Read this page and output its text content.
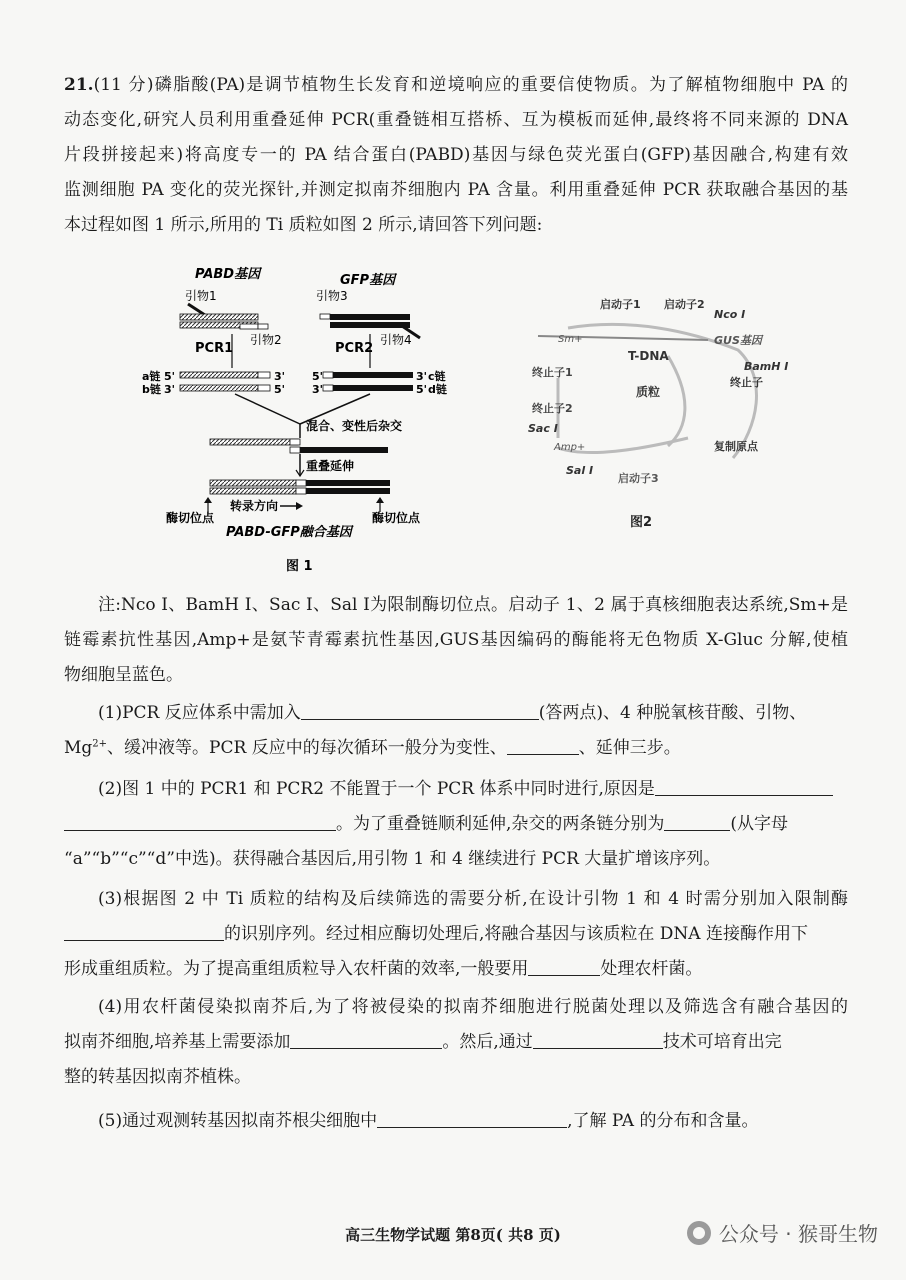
21.(11 分)磷脂酸(PA)是调节植物生长发育和逆境响应的重要信使物质。为了解植物细胞中 PA 的
动态变化,研究人员利用重叠延伸 PCR(重叠链相互搭桥、互为模板而延伸,最终将不同来源的 DNA
片段拼接起来)将高度专一的 PA 结合蛋白(PABD)基因与绿色荧光蛋白(GFP)基因融合,构建有效
监测细胞 PA 变化的荧光探针,并测定拟南芥细胞内 PA 含量。利用重叠延伸 PCR 获取融合基因的基
本过程如图 1 所示,所用的 Ti 质粒如图 2 所示,请回答下列问题:
PABD基因	GFP基因
引物1	引物3
引物2	引物4
PCR1	PCR2
a链 5'	3'
b链 3'	5'
5'	3' c链
3'	5' d链
混合、变性后杂交
重叠延伸
转录方向
酶切位点	酶切位点
PABD-GFP融合基因
图 1
启动子1 启动子2
Nco I
Sm+	GUS基因
T-DNA
BamH I
终止子
终止子1
质粒
终止子2
Sac I
Amp+	复制原点
Sal I
启动子3
图2
注:Nco Ⅰ、BamH Ⅰ、Sac Ⅰ、Sal Ⅰ为限制酶切位点。启动子 1、2 属于真核细胞表达系统,Sm+是
链霉素抗性基因,Amp+是氨苄青霉素抗性基因,GUS基因编码的酶能将无色物质 X-Gluc 分解,使植
物细胞呈蓝色。
(1)PCR 反应体系中需加入	(答两点)、4 种脱氧核苷酸、引物、
$Mg^{2+}$、缓冲液等。PCR 反应中的每次循环一般分为变性、	、延伸三步。
(2)图 1 中的 PCR1 和 PCR2 不能置于一个 PCR 体系中同时进行,原因是
。为了重叠链顺利延伸,杂交的两条链分别为	(从字母
“a”“b”“c”“d”中选)。获得融合基因后,用引物 1 和 4 继续进行 PCR 大量扩增该序列。
(3)根据图 2 中 Ti 质粒的结构及后续筛选的需要分析,在设计引物 1 和 4 时需分别加入限制酶
的识别序列。经过相应酶切处理后,将融合基因与该质粒在 DNA 连接酶作用下
形成重组质粒。为了提高重组质粒导入农杆菌的效率,一般要用	处理农杆菌。
(4)用农杆菌侵染拟南芥后,为了将被侵染的拟南芥细胞进行脱菌处理以及筛选含有融合基因的
拟南芥细胞,培养基上需要添加	。然后,通过	技术可培育出完
整的转基因拟南芥植株。
(5)通过观测转基因拟南芥根尖细胞中	,了解 PA 的分布和含量。
高三生物学试题 第8页( 共8 页)	公众号 · 猴哥生物
